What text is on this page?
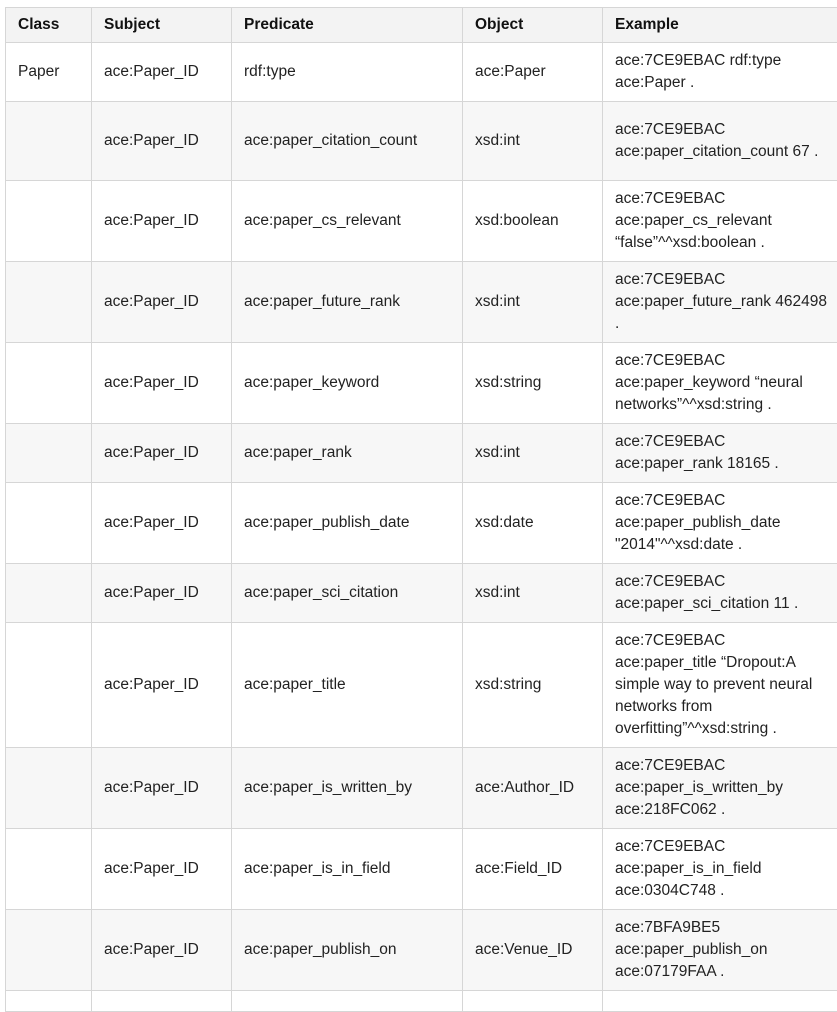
Class	Subject	Predicate	Object	Example
Paper	ace:Paper_ID	rdf:type	ace:Paper	ace:7CE9EBAC rdf:type ace:Paper .
	ace:Paper_ID	ace:paper_citation_count	xsd:int	ace:7CE9EBAC ace:paper_citation_count 67 .
	ace:Paper_ID	ace:paper_cs_relevant	xsd:boolean	ace:7CE9EBAC ace:paper_cs_relevant “false”^^xsd:boolean .
	ace:Paper_ID	ace:paper_future_rank	xsd:int	ace:7CE9EBAC ace:paper_future_rank 462498 .
	ace:Paper_ID	ace:paper_keyword	xsd:string	ace:7CE9EBAC ace:paper_keyword “neural networks”^^xsd:string .
	ace:Paper_ID	ace:paper_rank	xsd:int	ace:7CE9EBAC ace:paper_rank 18165 .
	ace:Paper_ID	ace:paper_publish_date	xsd:date	ace:7CE9EBAC ace:paper_publish_date "2014"^^xsd:date .
	ace:Paper_ID	ace:paper_sci_citation	xsd:int	ace:7CE9EBAC ace:paper_sci_citation 11 .
	ace:Paper_ID	ace:paper_title	xsd:string	ace:7CE9EBAC ace:paper_title “Dropout:A simple way to prevent neural networks from overfitting”^^xsd:string .
	ace:Paper_ID	ace:paper_is_written_by	ace:Author_ID	ace:7CE9EBAC ace:paper_is_written_by ace:218FC062 .
	ace:Paper_ID	ace:paper_is_in_field	ace:Field_ID	ace:7CE9EBAC ace:paper_is_in_field ace:0304C748 .
	ace:Paper_ID	ace:paper_publish_on	ace:Venue_ID	ace:7BFA9BE5 ace:paper_publish_on ace:07179FAA .
